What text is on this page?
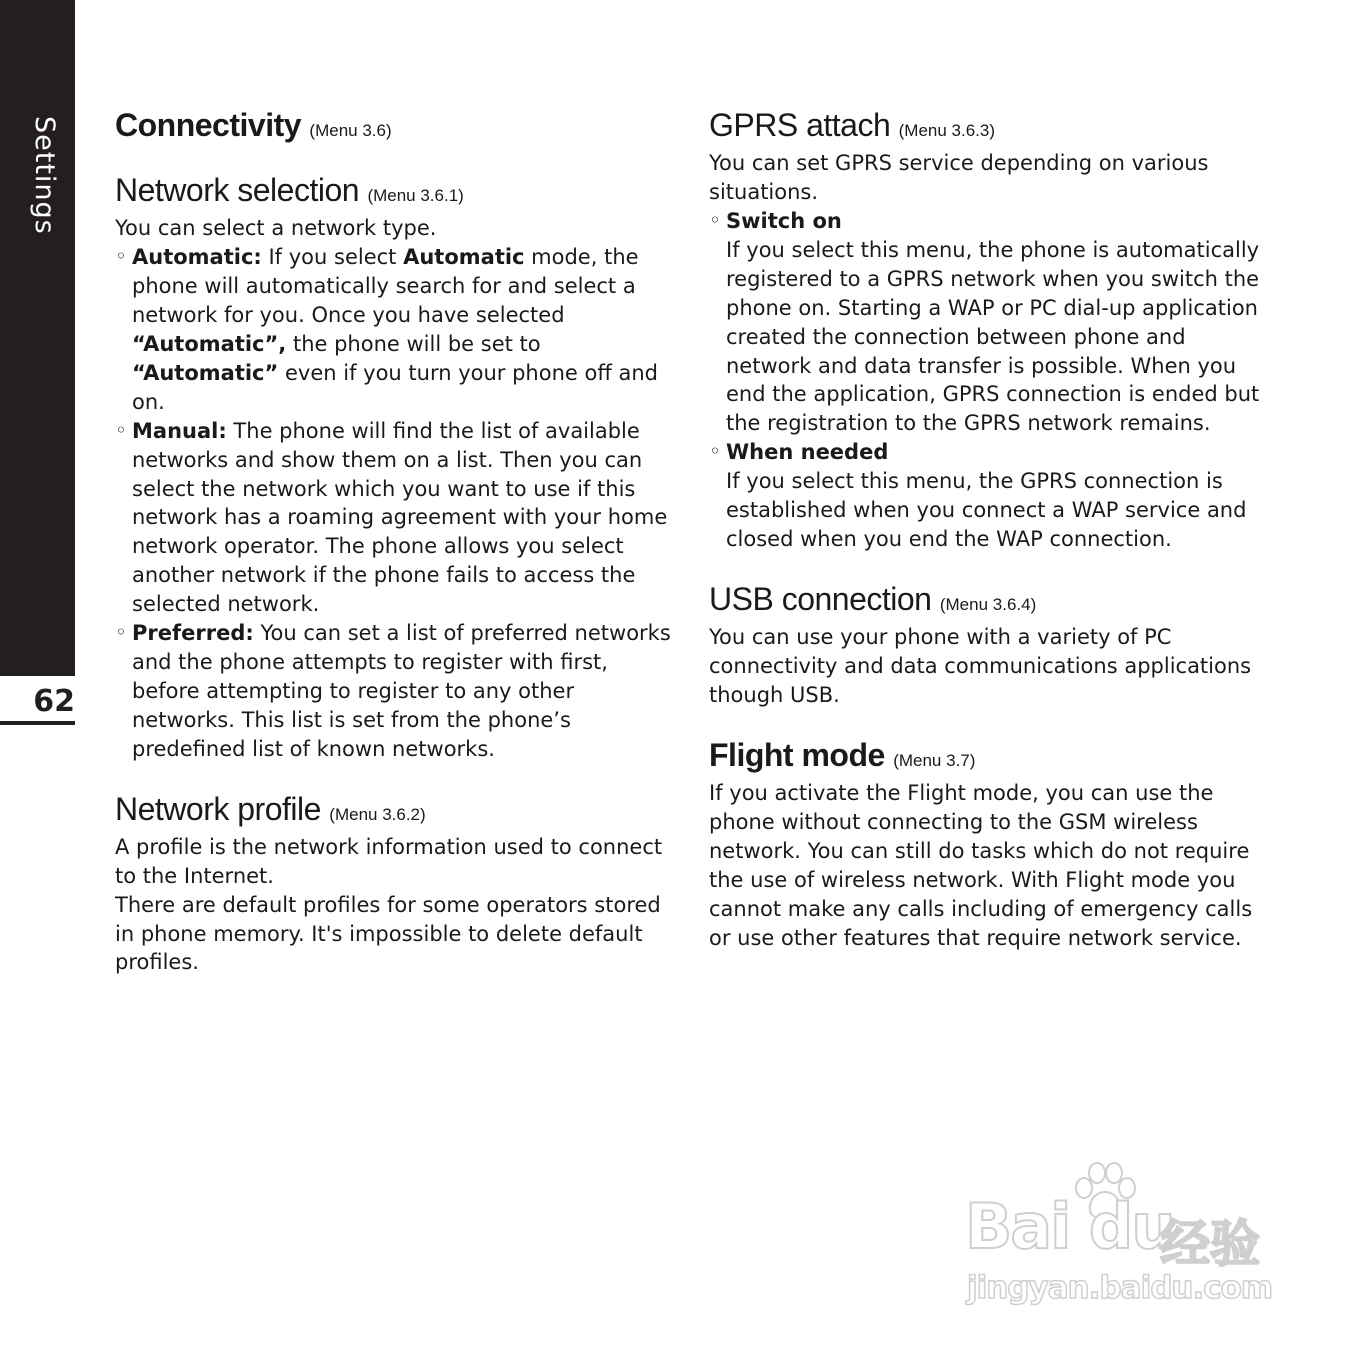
Settings
62
Connectivity (Menu 3.6)
Network selection (Menu 3.6.1)

You can select a network type.

◦ Automatic: If you select Automatic mode, the phone will automatically search for and select a network for you. Once you have selected “Automatic”, the phone will be set to “Automatic” even if you turn your phone off and on.
◦ Manual: The phone will find the list of available networks and show them on a list. Then you can select the network which you want to use if this network has a roaming agreement with your home network operator. The phone allows you select another network if the phone fails to access the selected network.
◦ Preferred: You can set a list of preferred networks and the phone attempts to register with first, before attempting to register to any other networks. This list is set from the phone’s predefined list of known networks.
Network profile (Menu 3.6.2)

A profile is the network information used to connect to the Internet.

There are default profiles for some operators stored in phone memory. It's impossible to delete default profiles.

GPRS attach (Menu 3.6.3)

You can set GPRS service depending on various situations.

◦ Switch on
If you select this menu, the phone is automatically registered to a GPRS network when you switch the phone on. Starting a WAP or PC dial-up application created the connection between phone and network and data transfer is possible. When you end the application, GPRS connection is ended but the registration to the GPRS network remains.
◦ When needed
If you select this menu, the GPRS connection is established when you connect a WAP service and closed when you end the WAP connection.
USB connection (Menu 3.6.4)

You can use your phone with a variety of PC connectivity and data communications applications though USB.

Flight mode (Menu 3.7)

If you activate the Flight mode, you can use the phone without connecting to the GSM wireless network. You can still do tasks which do not require the use of wireless network. With Flight mode you cannot make any calls including of emergency calls or use other features that require network service.

Bai du
经验
jingyan.baidu.com
